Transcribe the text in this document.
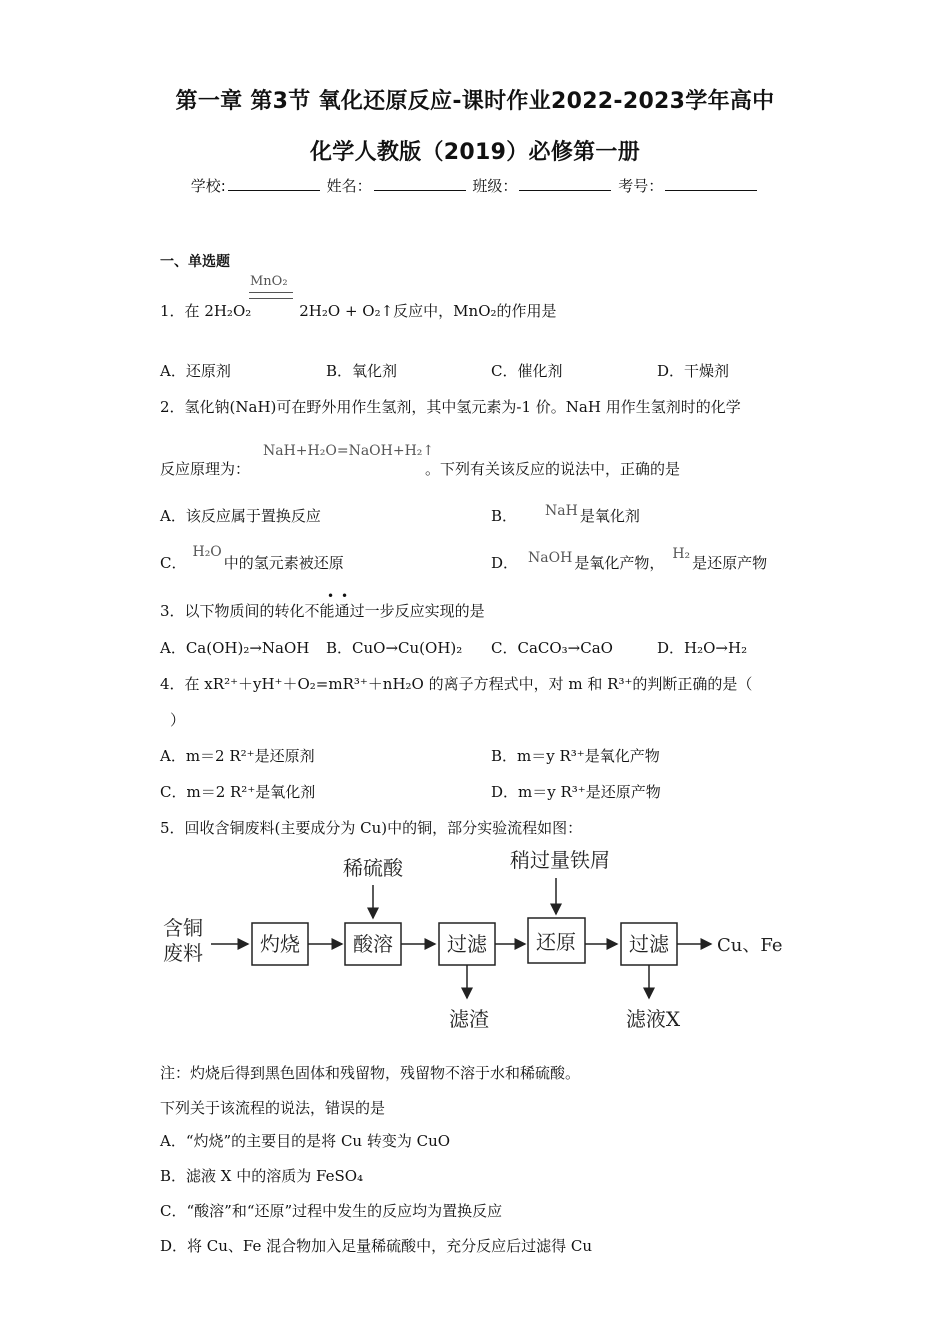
第一章 第3节 氧化还原反应-课时作业2022-2023学年高中
化学人教版（2019）必修第一册
学校:	姓名：	班级：	考号：
一、单选题
MnO₂
1．在 2H₂O₂	2H₂O + O₂↑反应中，MnO₂的作用是
A．还原剂	B．氧化剂	C．催化剂	D．干燥剂
2．氢化钠(NaH)可在野外用作生氢剂，其中氢元素为-1 价。NaH 用作生氢剂时的化学
NaH+H₂O=NaOH+H₂↑
反应原理为：	。下列有关该反应的说法中，正确的是
A．该反应属于置换反应	B． NaH 是氧化剂
C．H₂O中的氢元素被还原	D． NaOH 是氧化产物， H₂ 是还原产物
• •
3．以下物质间的转化不能通过一步反应实现的是
A．Ca(OH)₂→NaOH B．CuO→Cu(OH)₂ C．CaCO₃→CaO	D．H₂O→H₂
4．在 xR²⁺＋yH⁺＋O₂=mR³⁺＋nH₂O 的离子方程式中，对 m 和 R³⁺的判断正确的是（
）
A．m＝2 R²⁺是还原剂	B．m＝y R³⁺是氧化产物
C．m＝2 R²⁺是氧化剂	D．m＝y R³⁺是还原产物
5．回收含铜废料(主要成分为 Cu)中的铜，部分实验流程如图：
含铜
废料	灼烧
稀硫酸
酸溶	过滤
滤渣
稍过量铁屑
还原	过滤
滤液X
Cu、Fe
注：灼烧后得到黑色固体和残留物，残留物不溶于水和稀硫酸。
下列关于该流程的说法，错误的是
A．“灼烧”的主要目的是将 Cu 转变为 CuO
B．滤液 X 中的溶质为 FeSO₄
C．“酸溶”和“还原”过程中发生的反应均为置换反应
D．将 Cu、Fe 混合物加入足量稀硫酸中，充分反应后过滤得 Cu
